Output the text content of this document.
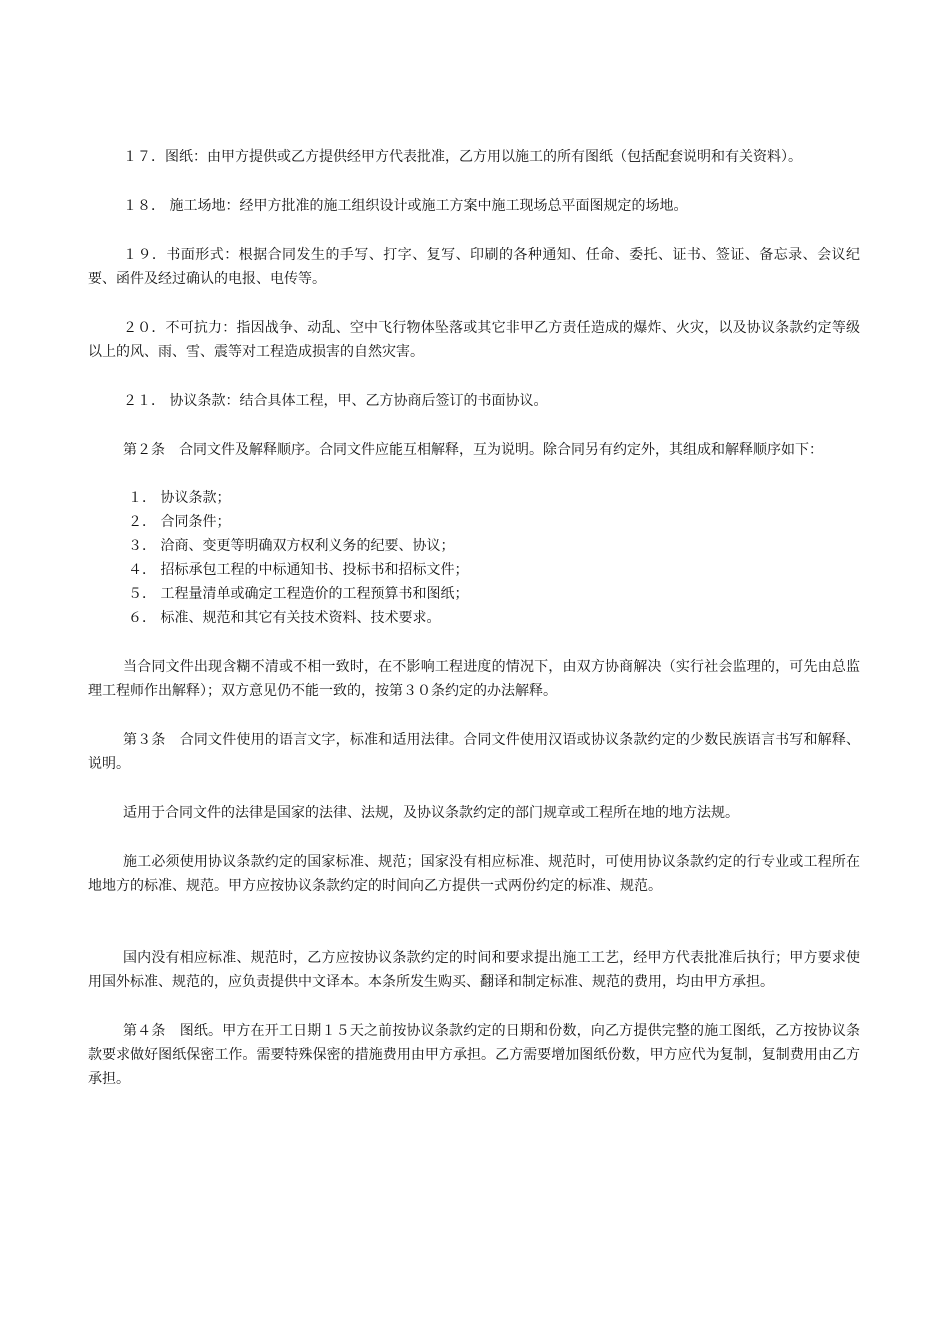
１７．图纸：由甲方提供或乙方提供经甲方代表批准，乙方用以施工的所有图纸（包括配套说明和有关资料）。

１８． 施工场地：经甲方批准的施工组织设计或施工方案中施工现场总平面图规定的场地。

１９．书面形式：根据合同发生的手写、打字、复写、印刷的各种通知、任命、委托、证书、签证、备忘录、会议纪要、函件及经过确认的电报、电传等。

２０．不可抗力：指因战争、动乱、空中飞行物体坠落或其它非甲乙方责任造成的爆炸、火灾，以及协议条款约定等级以上的风、雨、雪、震等对工程造成损害的自然灾害。

２１． 协议条款：结合具体工程，甲、乙方协商后签订的书面协议。

第２条　合同文件及解释顺序。合同文件应能互相解释，互为说明。除合同另有约定外，其组成和解释顺序如下：

１． 协议条款；
２． 合同条件；
３． 洽商、变更等明确双方权利义务的纪要、协议；
４． 招标承包工程的中标通知书、投标书和招标文件；
５． 工程量清单或确定工程造价的工程预算书和图纸；
６． 标准、规范和其它有关技术资料、技术要求。

当合同文件出现含糊不清或不相一致时，在不影响工程进度的情况下，由双方协商解决（实行社会监理的，可先由总监理工程师作出解释）；双方意见仍不能一致的，按第３０条约定的办法解释。

第３条　合同文件使用的语言文字，标准和适用法律。合同文件使用汉语或协议条款约定的少数民族语言书写和解释、说明。

适用于合同文件的法律是国家的法律、法规，及协议条款约定的部门规章或工程所在地的地方法规。

施工必须使用协议条款约定的国家标准、规范；国家没有相应标准、规范时，可使用协议条款约定的行专业或工程所在地地方的标准、规范。甲方应按协议条款约定的时间向乙方提供一式两份约定的标准、规范。

国内没有相应标准、规范时，乙方应按协议条款约定的时间和要求提出施工工艺，经甲方代表批准后执行；甲方要求使用国外标准、规范的，应负责提供中文译本。本条所发生购买、翻译和制定标准、规范的费用，均由甲方承担。

第４条　图纸。甲方在开工日期１５天之前按协议条款约定的日期和份数，向乙方提供完整的施工图纸，乙方按协议条款要求做好图纸保密工作。需要特殊保密的措施费用由甲方承担。乙方需要增加图纸份数，甲方应代为复制，复制费用由乙方承担。
